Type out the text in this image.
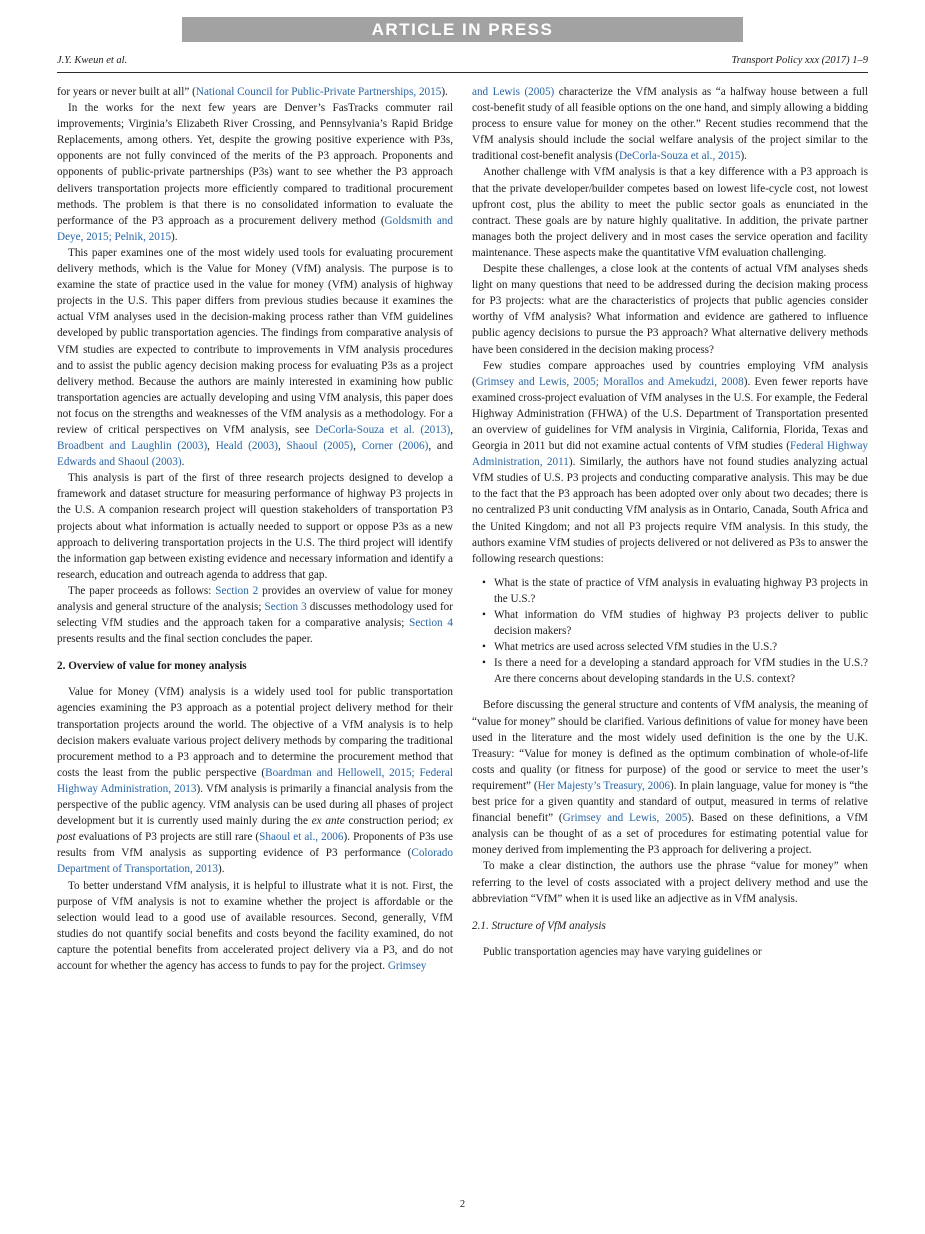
ARTICLE IN PRESS
J.Y. Kweun et al.	Transport Policy xxx (2017) 1–9

for years or never built at all” (National Council for Public-Private Partnerships, 2015).

In the works for the next few years are Denver’s FasTracks commuter rail improvements; Virginia’s Elizabeth River Crossing, and Pennsylvania’s Rapid Bridge Replacements, among others. Yet, despite the growing positive experience with P3s, opponents are not fully convinced of the merits of the P3 approach. Proponents and opponents of public-private partnerships (P3s) want to see whether the P3 approach delivers transportation projects more efficiently compared to traditional procurement methods. The problem is that there is no consolidated information to evaluate the performance of the P3 approach as a procurement delivery method (Goldsmith and Deye, 2015; Pelnik, 2015).

This paper examines one of the most widely used tools for evaluating procurement delivery methods, which is the Value for Money (VfM) analysis. The purpose is to examine the state of practice used in the value for money (VfM) analysis of highway projects in the U.S. This paper differs from previous studies because it examines the actual VfM analyses used in the decision-making process rather than VfM guidelines developed by public transportation agencies. The findings from comparative analysis of VfM studies are expected to contribute to improvements in VfM analysis procedures and to assist the public agency decision making process for evaluating P3s as a project delivery method. Because the authors are mainly interested in examining how public transportation agencies are actually developing and using VfM analysis, this paper does not focus on the strengths and weaknesses of the VfM analysis as a methodology. For a review of critical perspectives on VfM analysis, see DeCorla-Souza et al. (2013), Broadbent and Laughlin (2003), Heald (2003), Shaoul (2005), Corner (2006), and Edwards and Shaoul (2003).

This analysis is part of the first of three research projects designed to develop a framework and dataset structure for measuring performance of highway P3 projects in the U.S. A companion research project will question stakeholders of transportation P3 projects about what information is actually needed to support or oppose P3s as a new approach to delivering transportation projects in the U.S. The third project will identify the information gap between existing evidence and necessary information and identify a research, education and outreach agenda to address that gap.

The paper proceeds as follows: Section 2 provides an overview of value for money analysis and general structure of the analysis; Section 3 discusses methodology used for selecting VfM studies and the approach taken for a comparative analysis; Section 4 presents results and the final section concludes the paper.

2. Overview of value for money analysis

Value for Money (VfM) analysis is a widely used tool for public transportation agencies examining the P3 approach as a potential project delivery method for their transportation projects around the world. The objective of a VfM analysis is to help decision makers evaluate various project delivery methods by comparing the traditional procurement method to a P3 approach and to determine the procurement method that costs the least from the public perspective (Boardman and Hellowell, 2015; Federal Highway Administration, 2013). VfM analysis is primarily a financial analysis from the perspective of the public agency. VfM analysis can be used during all phases of project development but it is currently used mainly during the ex ante construction period; ex post evaluations of P3 projects are still rare (Shaoul et al., 2006). Proponents of P3s use results from VfM analysis as supporting evidence of P3 performance (Colorado Department of Transportation, 2013).

To better understand VfM analysis, it is helpful to illustrate what it is not. First, the purpose of VfM analysis is not to examine whether the project is affordable or the selection would lead to a good use of available resources. Second, generally, VfM studies do not quantify social benefits and costs beyond the facility examined, do not capture the potential benefits from accelerated project delivery via a P3, and do not account for whether the agency has access to funds to pay for the project. Grimsey

and Lewis (2005) characterize the VfM analysis as “a halfway house between a full cost-benefit study of all feasible options on the one hand, and simply allowing a bidding process to ensure value for money on the other.” Recent studies recommend that the VfM analysis should include the social welfare analysis of the project similar to the traditional cost-benefit analysis (DeCorla-Souza et al., 2015).

Another challenge with VfM analysis is that a key difference with a P3 approach is that the private developer/builder competes based on lowest life-cycle cost, not lowest upfront cost, plus the ability to meet the public sector goals as enunciated in the contract. These goals are by nature highly qualitative. In addition, the private partner manages both the project delivery and in most cases the service operation and facility maintenance. These aspects make the quantitative VfM evaluation challenging.

Despite these challenges, a close look at the contents of actual VfM analyses sheds light on many questions that need to be addressed during the decision making process for P3 projects: what are the characteristics of projects that public agencies consider worthy of VfM analysis? What information and evidence are gathered to influence public agency decisions to pursue the P3 approach? What alternative delivery methods have been considered in the decision making process?

Few studies compare approaches used by countries employing VfM analysis (Grimsey and Lewis, 2005; Morallos and Amekudzi, 2008). Even fewer reports have examined cross-project evaluation of VfM analyses in the U.S. For example, the Federal Highway Administration (FHWA) of the U.S. Department of Transportation presented an overview of guidelines for VfM analysis in Virginia, California, Florida, Texas and Georgia in 2011 but did not examine actual contents of VfM studies (Federal Highway Administration, 2011). Similarly, the authors have not found studies analyzing actual VfM studies of U.S. P3 projects and conducting comparative analysis. This may be due to the fact that the P3 approach has been adopted over only about two decades; there is no centralized P3 unit conducting VfM analysis as in Ontario, Canada, South Africa and the United Kingdom; and not all P3 projects require VfM analysis. In this study, the authors examine VfM studies of projects delivered or not delivered as P3s to answer the following research questions:

• What is the state of practice of VfM analysis in evaluating highway P3 projects in the U.S.?
• What information do VfM studies of highway P3 projects deliver to public decision makers?
• What metrics are used across selected VfM studies in the U.S.?
• Is there a need for a developing a standard approach for VfM studies in the U.S.? Are there concerns about developing standards in the U.S. context?

Before discussing the general structure and contents of VfM analysis, the meaning of “value for money” should be clarified. Various definitions of value for money have been used in the literature and the most widely used definition is the one by the U.K. Treasury: “Value for money is defined as the optimum combination of whole-of-life costs and quality (or fitness for purpose) of the good or service to meet the user’s requirement” (Her Majesty’s Treasury, 2006). In plain language, value for money is “the best price for a given quantity and standard of output, measured in terms of relative financial benefit” (Grimsey and Lewis, 2005). Based on these definitions, a VfM analysis can be thought of as a set of procedures for estimating potential value for money derived from implementing the P3 approach for delivering a project.

To make a clear distinction, the authors use the phrase “value for money” when referring to the level of costs associated with a project delivery method and use the abbreviation “VfM” when it is used like an adjective as in VfM analysis.

2.1. Structure of VfM analysis

Public transportation agencies may have varying guidelines or

2
